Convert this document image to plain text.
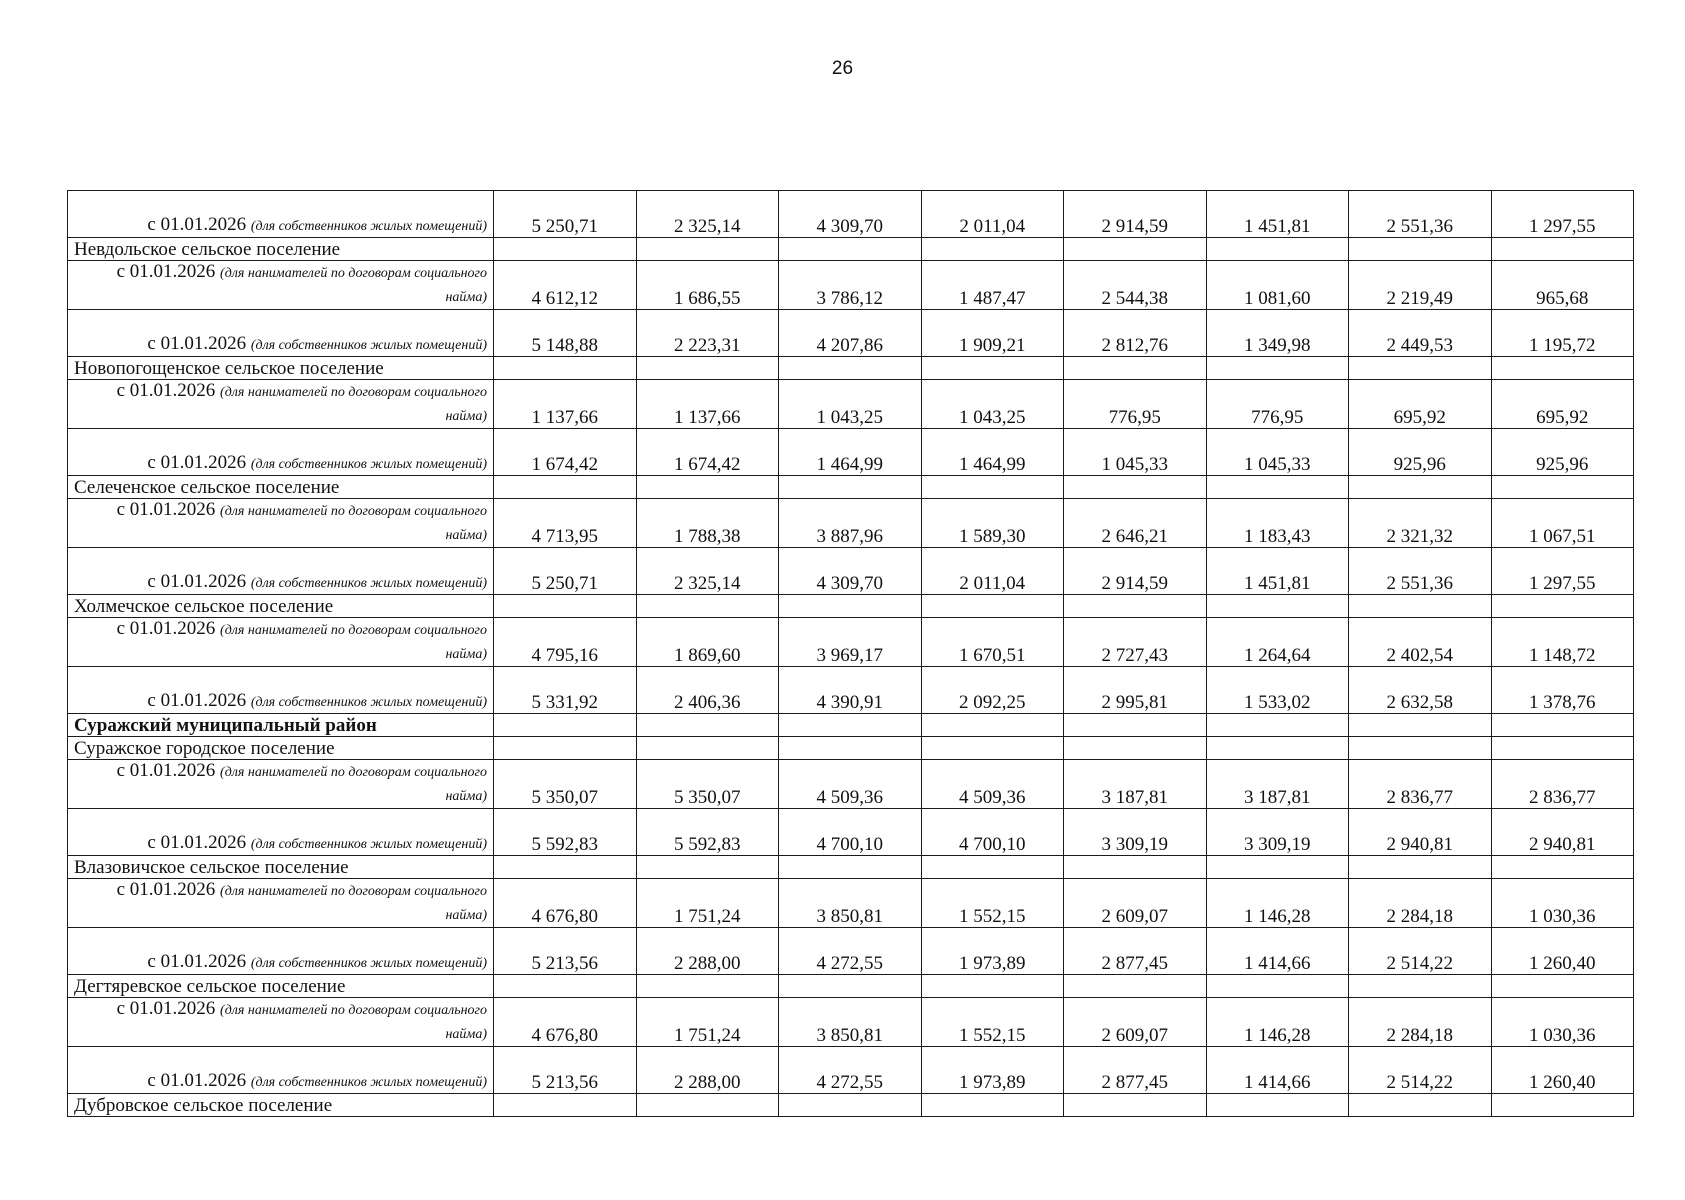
26
с 01.01.2026 (для собственников жилых помещений)	5 250,71	2 325,14	4 309,70	2 011,04	2 914,59	1 451,81	2 551,36	1 297,55
Невдольское сельское поселение								

с 01.01.2026 (для нанимателей по договорам социального найма)	4 612,12	1 686,55	3 786,12	1 487,47	2 544,38	1 081,60	2 219,49	965,68
с 01.01.2026 (для собственников жилых помещений)	5 148,88	2 223,31	4 207,86	1 909,21	2 812,76	1 349,98	2 449,53	1 195,72
Новопогощенское сельское поселение								

с 01.01.2026 (для нанимателей по договорам социального найма)	1 137,66	1 137,66	1 043,25	1 043,25	776,95	776,95	695,92	695,92
с 01.01.2026 (для собственников жилых помещений)	1 674,42	1 674,42	1 464,99	1 464,99	1 045,33	1 045,33	925,96	925,96
Селеченское сельское поселение								

с 01.01.2026 (для нанимателей по договорам социального найма)	4 713,95	1 788,38	3 887,96	1 589,30	2 646,21	1 183,43	2 321,32	1 067,51
с 01.01.2026 (для собственников жилых помещений)	5 250,71	2 325,14	4 309,70	2 011,04	2 914,59	1 451,81	2 551,36	1 297,55
Холмечское сельское поселение								

с 01.01.2026 (для нанимателей по договорам социального найма)	4 795,16	1 869,60	3 969,17	1 670,51	2 727,43	1 264,64	2 402,54	1 148,72
с 01.01.2026 (для собственников жилых помещений)	5 331,92	2 406,36	4 390,91	2 092,25	2 995,81	1 533,02	2 632,58	1 378,76
Суражский муниципальный район								
Суражское городское поселение								

с 01.01.2026 (для нанимателей по договорам социального найма)	5 350,07	5 350,07	4 509,36	4 509,36	3 187,81	3 187,81	2 836,77	2 836,77
с 01.01.2026 (для собственников жилых помещений)	5 592,83	5 592,83	4 700,10	4 700,10	3 309,19	3 309,19	2 940,81	2 940,81
Влазовичское сельское поселение								

с 01.01.2026 (для нанимателей по договорам социального найма)	4 676,80	1 751,24	3 850,81	1 552,15	2 609,07	1 146,28	2 284,18	1 030,36
с 01.01.2026 (для собственников жилых помещений)	5 213,56	2 288,00	4 272,55	1 973,89	2 877,45	1 414,66	2 514,22	1 260,40
Дегтяревское сельское поселение								

с 01.01.2026 (для нанимателей по договорам социального найма)	4 676,80	1 751,24	3 850,81	1 552,15	2 609,07	1 146,28	2 284,18	1 030,36
с 01.01.2026 (для собственников жилых помещений)	5 213,56	2 288,00	4 272,55	1 973,89	2 877,45	1 414,66	2 514,22	1 260,40
Дубровское сельское поселение								
